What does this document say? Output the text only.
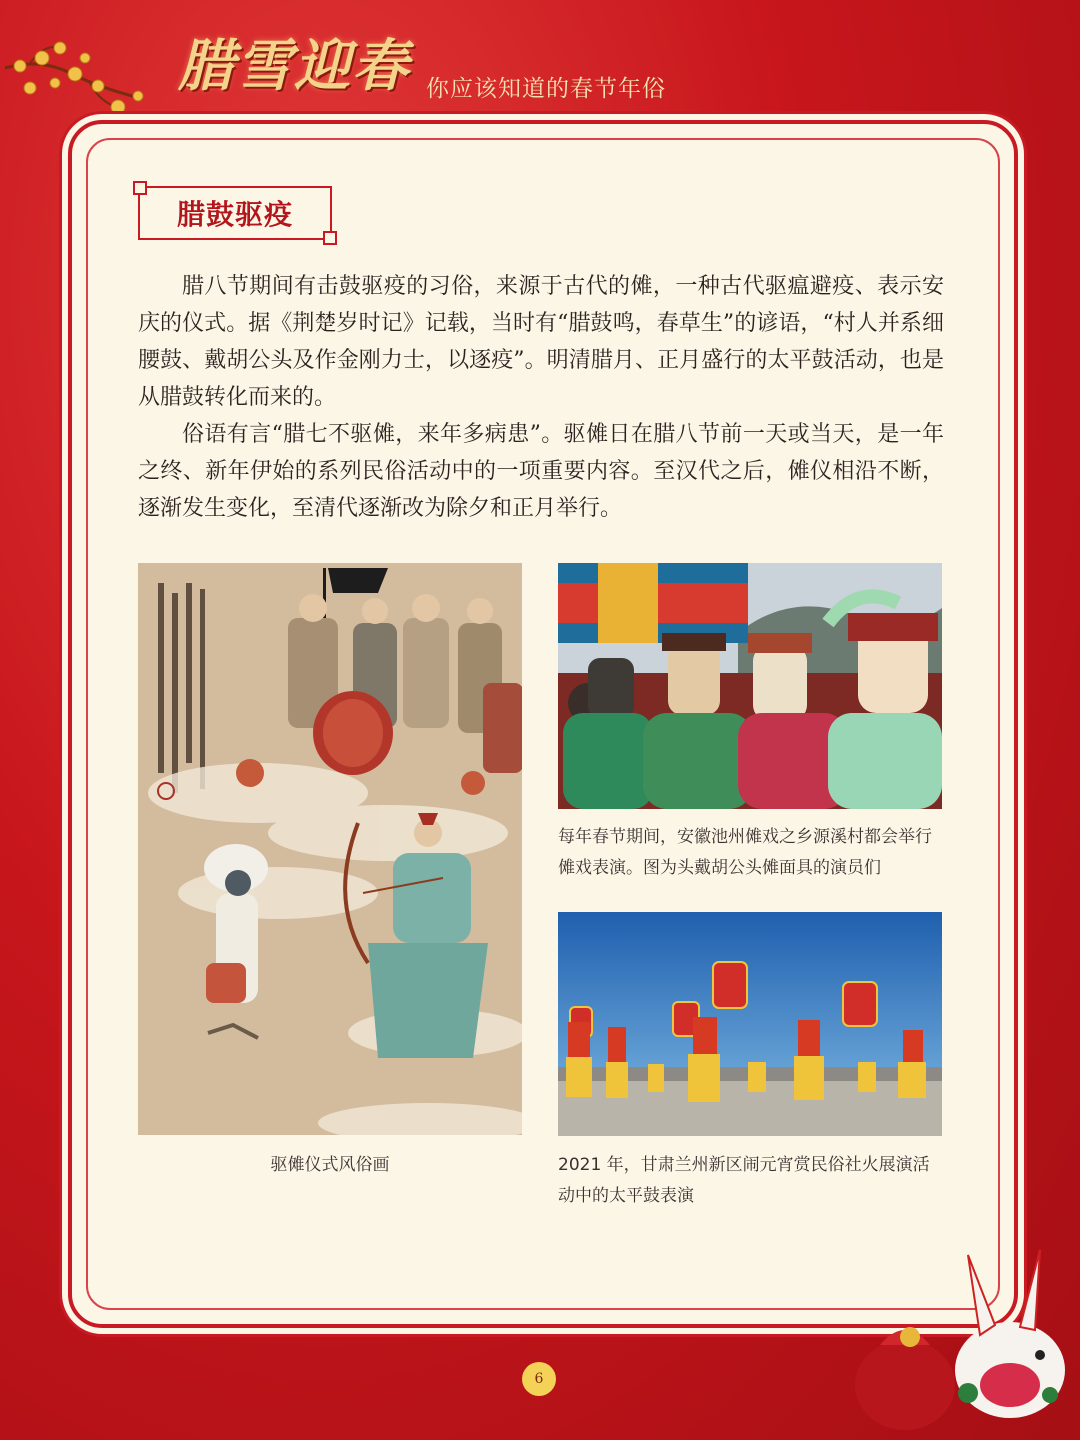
腊雪迎春 你应该知道的春节年俗
腊鼓驱疫

腊八节期间有击鼓驱疫的习俗，来源于古代的傩，一种古代驱瘟避疫、表示安庆的仪式。据《荆楚岁时记》记载，当时有“腊鼓鸣，春草生”的谚语，“村人并系细腰鼓、戴胡公头及作金刚力士，以逐疫”。明清腊月、正月盛行的太平鼓活动，也是从腊鼓转化而来的。

俗语有言“腊七不驱傩，来年多病患”。驱傩日在腊八节前一天或当天，是一年之终、新年伊始的系列民俗活动中的一项重要内容。至汉代之后，傩仪相沿不断，逐渐发生变化，至清代逐渐改为除夕和正月举行。

驱傩仪式风俗画
每年春节期间，安徽池州傩戏之乡源溪村都会举行傩戏表演。图为头戴胡公头傩面具的演员们
2021 年，甘肃兰州新区闹元宵赏民俗社火展演活动中的太平鼓表演
6
